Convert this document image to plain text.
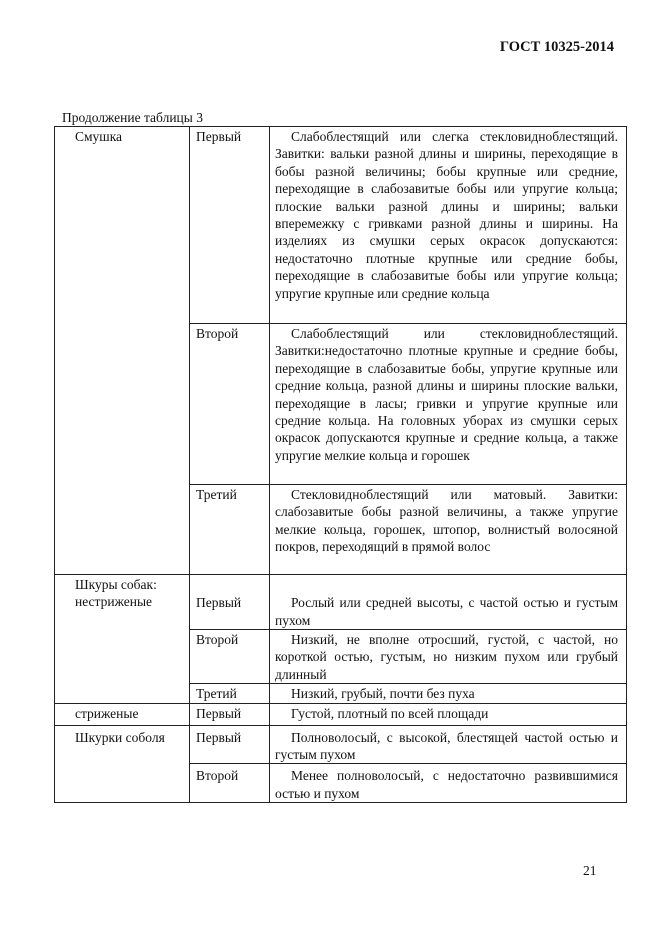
ГОСТ 10325-2014
Продолжение таблицы 3
Смушка	Первый	Слабоблестящий или слегка стекловидноблестящий. Завитки: вальки разной длины и ширины, переходящие в бобы разной величины; бобы крупные или средние, переходящие в слабозавитые бобы или упругие кольца; плоские вальки разной длины и ширины; вальки вперемежку с гривками разной длины и ширины. На изделиях из смушки серых окрасок допускаются: недостаточно плотные крупные или средние бобы, переходящие в слабозавитые бобы или упругие кольца; упругие крупные или средние кольца

	Второй	Слабоблестящий или стекловидноблестящий. Завитки:недостаточно плотные крупные и средние бобы, переходящие в слабозавитые бобы, упругие крупные или средние кольца, разной длины и ширины плоские вальки, переходящие в ласы; гривки и упругие крупные или средние кольца. На головных уборах из смушки серых окрасок допускаются крупные и средние кольца, а также упругие мелкие кольца и горошек

	Третий	Стекловидноблестящий или матовый. Завитки: слабозавитые бобы разной величины, а также упругие мелкие кольца, горошек, штопор, волнистый волосяной покров, переходящий в прямой волос

Шкуры собак: нестриженые	Первый	Рослый или средней высоты, с частой остью и густым пухом

	Второй	Низкий, не вполне отросший, густой, с частой, но короткой остью, густым, но низким пухом или грубый длинный

	Третий	Низкий, грубый, почти без пуха

стриженые	Первый	Густой, плотный по всей площади

Шкурки соболя	Первый	Полноволосый, с высокой, блестящей частой остью и густым пухом

	Второй	Менее полноволосый, с недостаточно развившимися остью и пухом
21
